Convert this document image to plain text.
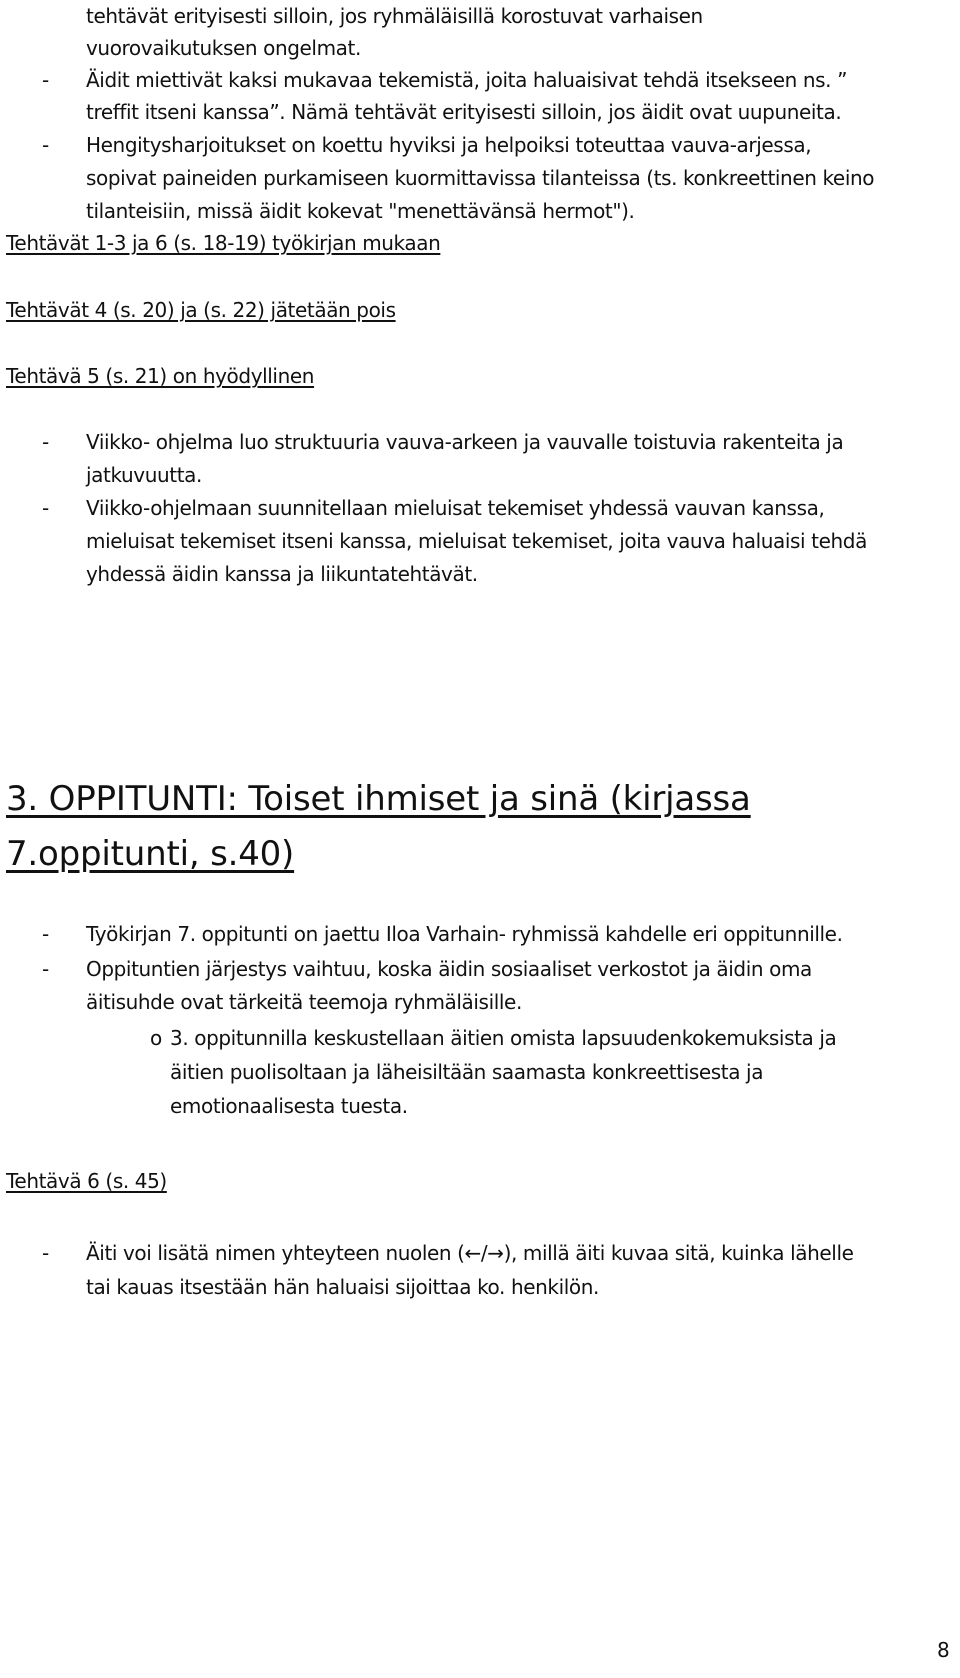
tehtävät erityisesti silloin, jos ryhmäläisillä korostuvat varhaisen
vuorovaikutuksen ongelmat.
- Äidit miettivät kaksi mukavaa tekemistä, joita haluaisivat tehdä itsekseen ns. ”
treffit itseni kanssa”. Nämä tehtävät erityisesti silloin, jos äidit ovat uupuneita.
- Hengitysharjoitukset on koettu hyviksi ja helpoiksi toteuttaa vauva-arjessa,
sopivat paineiden purkamiseen kuormittavissa tilanteissa (ts. konkreettinen keino
tilanteisiin, missä äidit kokevat "menettävänsä hermot").
Tehtävät 1-3 ja 6 (s. 18-19) työkirjan mukaan
Tehtävät 4 (s. 20) ja (s. 22) jätetään pois
Tehtävä 5 (s. 21) on hyödyllinen
- Viikko- ohjelma luo struktuuria vauva-arkeen ja vauvalle toistuvia rakenteita ja
jatkuvuutta.
- Viikko-ohjelmaan suunnitellaan mieluisat tekemiset yhdessä vauvan kanssa,
mieluisat tekemiset itseni kanssa, mieluisat tekemiset, joita vauva haluaisi tehdä
yhdessä äidin kanssa ja liikuntatehtävät.
3. OPPITUNTI: Toiset ihmiset ja sinä (kirjassa
7.oppitunti, s.40)
- Työkirjan 7. oppitunti on jaettu Iloa Varhain- ryhmissä kahdelle eri oppitunnille.
- Oppituntien järjestys vaihtuu, koska äidin sosiaaliset verkostot ja äidin oma
äitisuhde ovat tärkeitä teemoja ryhmäläisille.
o 3. oppitunnilla keskustellaan äitien omista lapsuudenkokemuksista ja
äitien puolisoltaan ja läheisiltään saamasta konkreettisesta ja
emotionaalisesta tuesta.
Tehtävä 6 (s. 45)
- Äiti voi lisätä nimen yhteyteen nuolen (←/→), millä äiti kuvaa sitä, kuinka lähelle
tai kauas itsestään hän haluaisi sijoittaa ko. henkilön.
8
